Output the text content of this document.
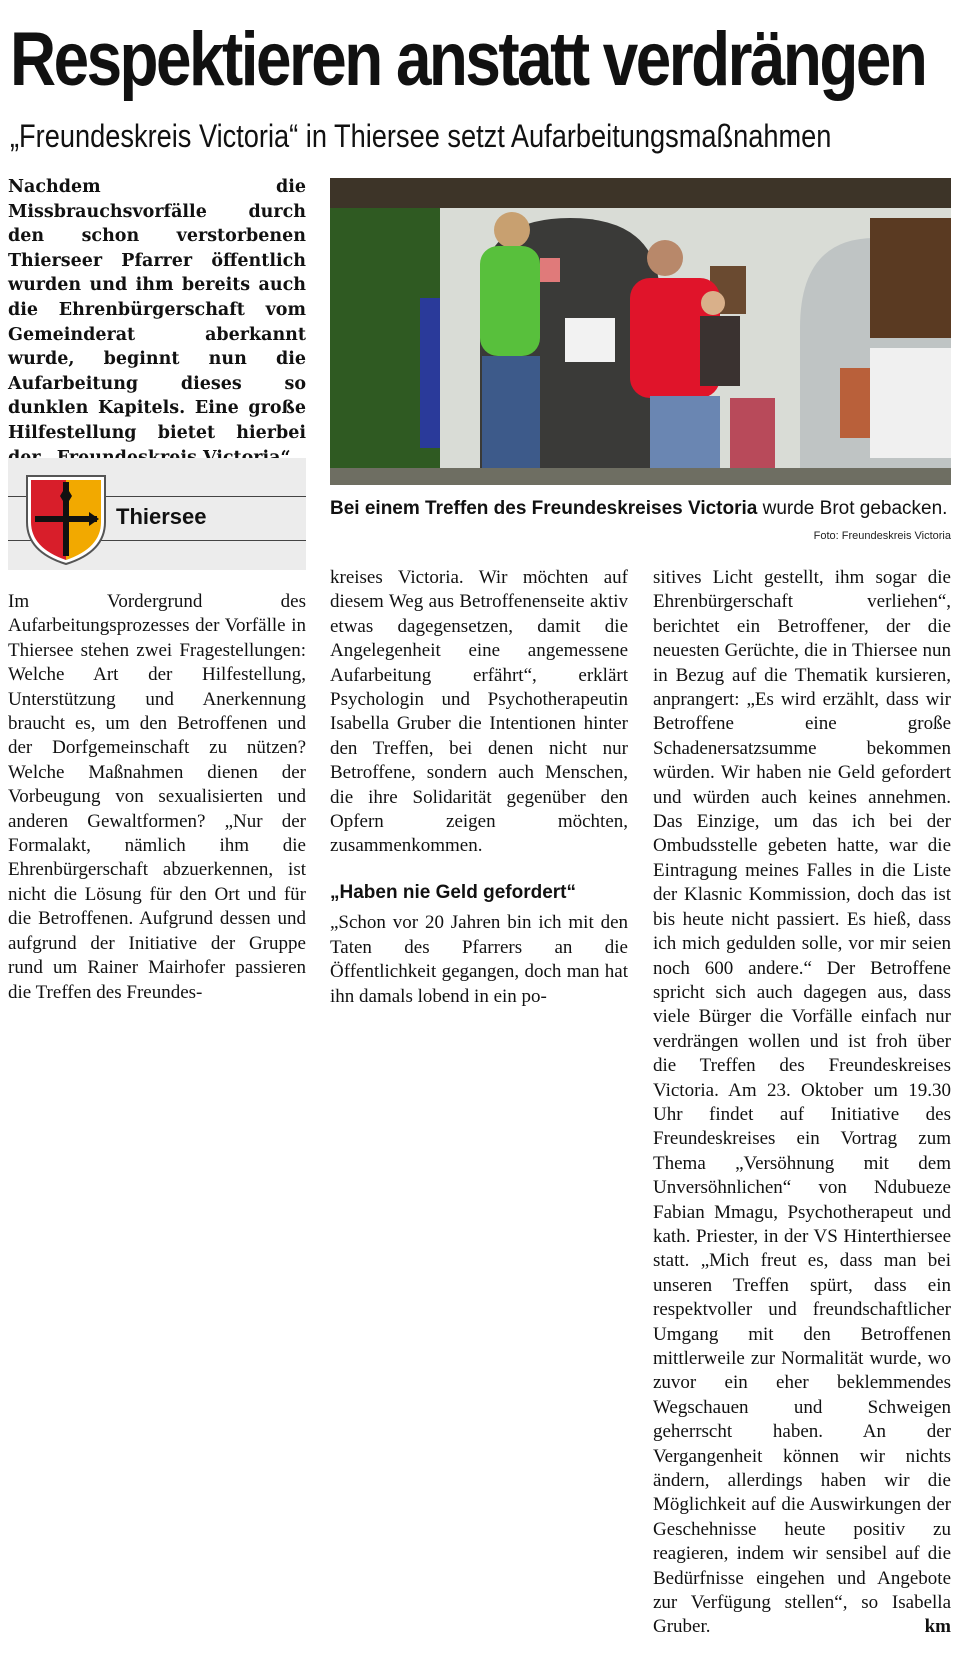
Respektieren anstatt verdrängen
„Freundeskreis Victoria“ in Thiersee setzt Aufarbeitungsmaßnahmen

Nachdem die Missbrauchsvorfälle durch den schon verstorbenen Thierseer Pfarrer öffentlich wurden und ihm bereits auch die Ehrenbürgerschaft vom Gemeinderat aberkannt wurde, beginnt nun die Aufarbeitung dieses so dunklen Kapitels. Eine große Hilfestellung bietet hierbei

Thiersee	Bei einem Treffen des Freundeskreises Victoria wurde Brot gebacken.
Foto: Freundeskreis Victoria

Im Vordergrund des Aufarbeitungsprozesses der Vorfälle in Thiersee stehen zwei Fragestellungen: Welche Art der Hilfestellung, Unterstützung und Anerkennung braucht es, um den Betroffenen und der Dorfgemeinschaft zu nützen? Welche Maßnahmen dienen der Vorbeugung von sexualisierten und anderen Gewaltformen? „Nur der Formalakt, nämlich ihm die Ehrenbürgerschaft abzuerkennen, ist nicht die Lösung für den Ort und für die Betroffenen. Aufgrund dessen und aufgrund der Initiative der Gruppe rund um Rainer Mairhofer passieren die Treffen des Freundes-

kreises Victoria. Wir möchten auf diesem Weg aus Betroffenenseite aktiv etwas dagegensetzen, damit die Angelegenheit eine angemessene Aufarbeitung erfährt“, erklärt Psychologin und Psychotherapeutin Isabella Gruber die Intentionen hinter den Treffen, bei denen nicht nur Betroffene, sondern auch Menschen, die ihre Solidarität gegenüber den Opfern zeigen möchten, zusammenkommen.

„Haben nie Geld gefordert“

„Schon vor 20 Jahren bin ich mit den Taten des Pfarrers an die Öffentlichkeit gegangen, doch man hat ihn damals lobend in ein po-

sitives Licht gestellt, ihm sogar die Ehrenbürgerschaft verliehen“, berichtet ein Betroffener, der die neuesten Gerüchte, die in Thiersee nun in Bezug auf die Thematik kursieren, anprangert: „Es wird erzählt, dass wir Betroffene eine große Schadenersatzsumme bekommen würden. Wir haben nie Geld gefordert und würden auch keines annehmen. Das Einzige, um das ich bei der Ombudsstelle gebeten hatte, war die Eintragung meines Falles in die Liste der Klasnic Kommission, doch das ist bis heute nicht passiert. Es hieß, dass ich mich gedulden solle, vor mir seien noch 600 andere.“ Der Betroffene spricht sich auch dagegen aus, dass viele Bürger die Vorfälle einfach nur verdrängen wollen und ist froh über die Treffen des Freundeskreises Victoria. Am 23. Oktober um 19.30 Uhr findet auf Initiative des Freundeskreises ein Vortrag zum Thema „Versöhnung mit dem Unversöhnlichen“ von Ndubueze Fabian Mmagu, Psychotherapeut und kath. Priester, in der VS Hinterthiersee statt. „Mich freut es, dass man bei unseren Treffen spürt, dass ein respektvoller und freundschaftlicher Umgang mit den Betroffenen mittlerweile zur Normalität wurde, wo zuvor ein eher beklemmendes Wegschauen und Schweigen geherrscht haben. An der Vergangenheit können wir nichts ändern, allerdings haben wir die Möglichkeit auf die Auswirkungen der Geschehnisse heute positiv zu reagieren, indem wir sensibel auf die Bedürfnisse eingehen und Angebote zur Verfügung stellen“, so Isabella Gruber.	km
